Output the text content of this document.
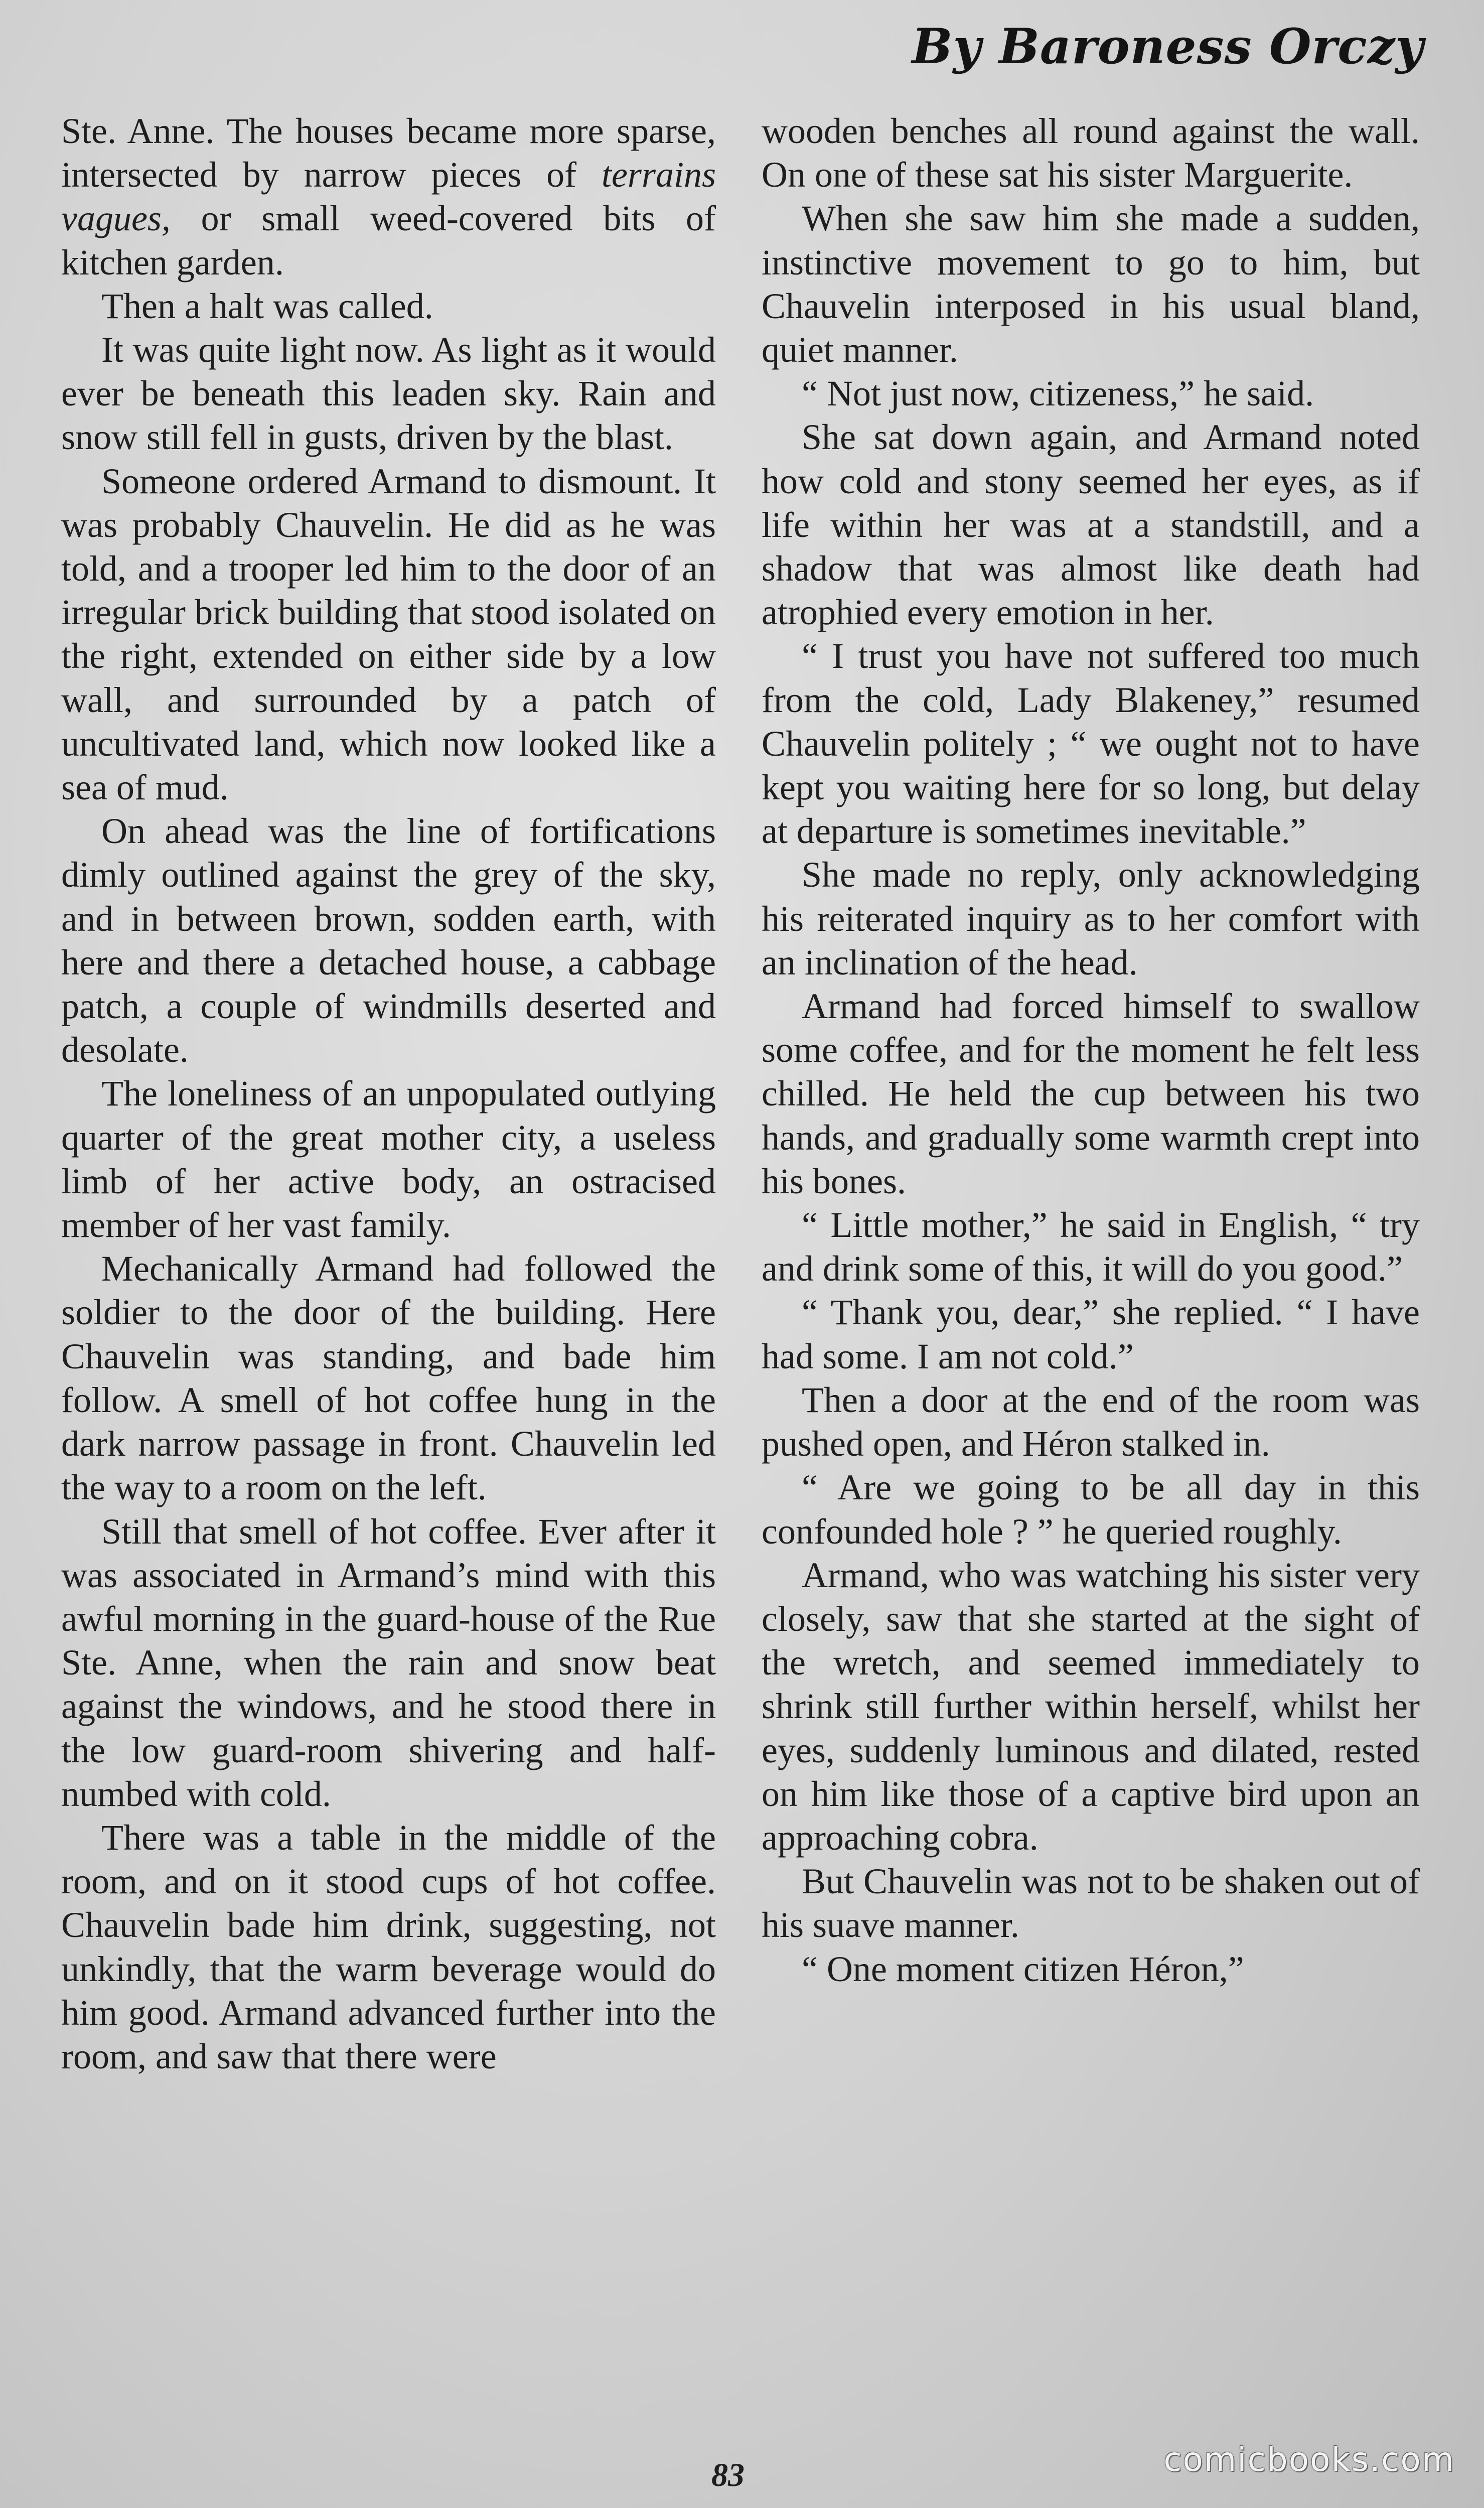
By Baroness Orczy

Ste. Anne. The houses became more sparse, intersected by narrow pieces of terrains vagues, or small weed-covered bits of kitchen garden.

Then a halt was called.

It was quite light now. As light as it would ever be beneath this leaden sky. Rain and snow still fell in gusts, driven by the blast.

Someone ordered Armand to dismount. It was probably Chauvelin. He did as he was told, and a trooper led him to the door of an irregular brick building that stood isolated on the right, extended on either side by a low wall, and surrounded by a patch of uncultivated land, which now looked like a sea of mud.

On ahead was the line of fortifications dimly outlined against the grey of the sky, and in between brown, sodden earth, with here and there a detached house, a cabbage patch, a couple of windmills deserted and desolate.

The loneliness of an unpopulated outlying quarter of the great mother city, a useless limb of her active body, an ostracised member of her vast family.

Mechanically Armand had followed the soldier to the door of the building. Here Chauvelin was standing, and bade him follow. A smell of hot coffee hung in the dark narrow passage in front. Chauvelin led the way to a room on the left.

Still that smell of hot coffee. Ever after it was associated in Armand’s mind with this awful morning in the guard-house of the Rue Ste. Anne, when the rain and snow beat against the windows, and he stood there in the low guard-room shivering and half-numbed with cold.

There was a table in the middle of the room, and on it stood cups of hot coffee. Chauvelin bade him drink, suggesting, not unkindly, that the warm beverage would do him good. Armand advanced further into the room, and saw that there were

wooden benches all round against the wall. On one of these sat his sister Marguerite.

When she saw him she made a sudden, instinctive movement to go to him, but Chauvelin interposed in his usual bland, quiet manner.

“ Not just now, citizeness,” he said.

She sat down again, and Armand noted how cold and stony seemed her eyes, as if life within her was at a standstill, and a shadow that was almost like death had atrophied every emotion in her.

“ I trust you have not suffered too much from the cold, Lady Blakeney,” resumed Chauvelin politely ; “ we ought not to have kept you waiting here for so long, but delay at departure is sometimes inevitable.”

She made no reply, only acknowledging his reiterated inquiry as to her comfort with an inclination of the head.

Armand had forced himself to swallow some coffee, and for the moment he felt less chilled. He held the cup between his two hands, and gradually some warmth crept into his bones.

“ Little mother,” he said in English, “ try and drink some of this, it will do you good.”

“ Thank you, dear,” she replied. “ I have had some. I am not cold.”

Then a door at the end of the room was pushed open, and Héron stalked in.

“ Are we going to be all day in this confounded hole ? ” he queried roughly.

Armand, who was watching his sister very closely, saw that she started at the sight of the wretch, and seemed immediately to shrink still further within herself, whilst her eyes, suddenly luminous and dilated, rested on him like those of a captive bird upon an approaching cobra.

But Chauvelin was not to be shaken out of his suave manner.

“ One moment citizen Héron,”

83	comicbooks.com
